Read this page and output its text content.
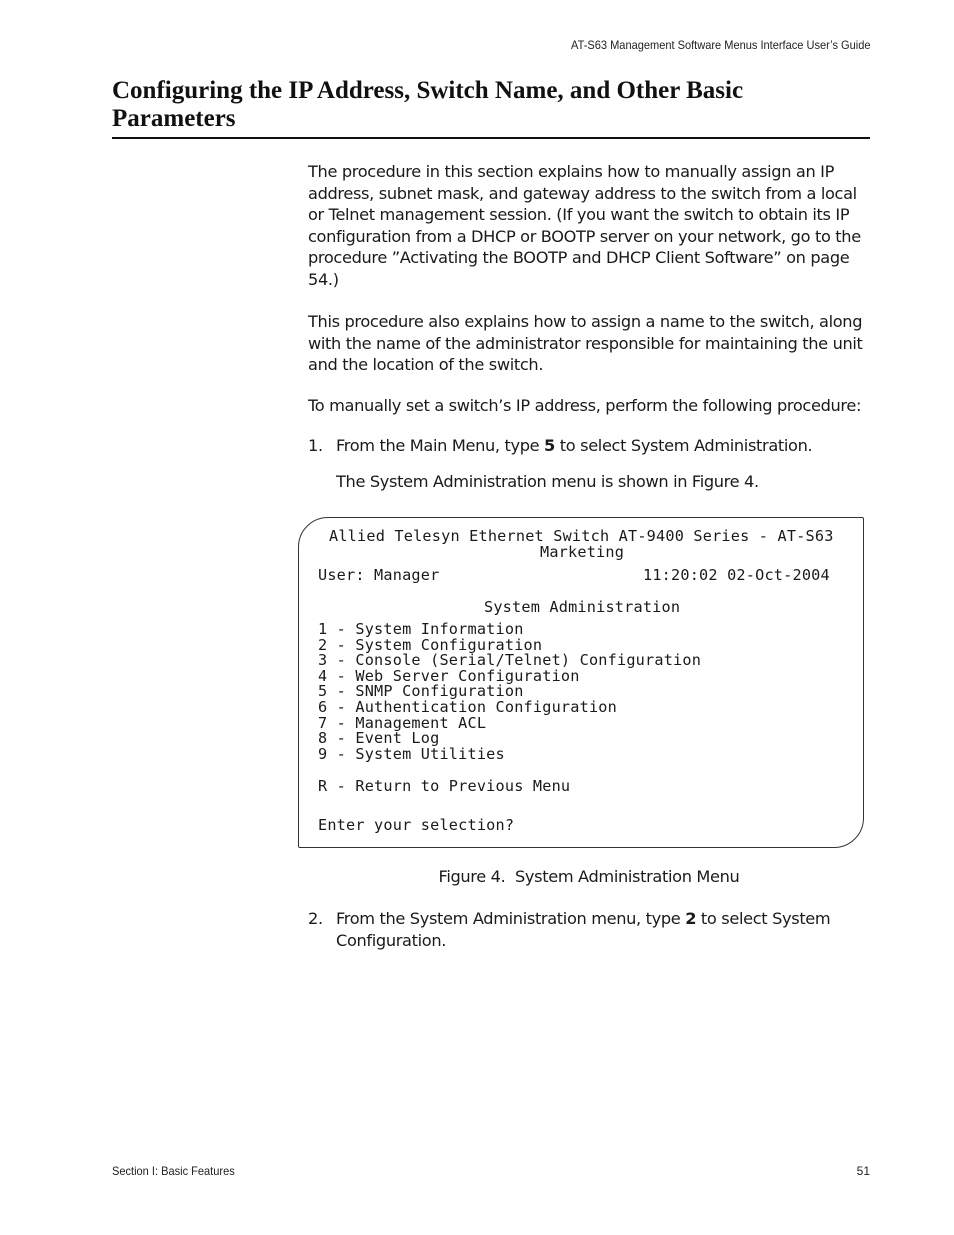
AT-S63 Management Software Menus Interface User’s Guide
Configuring the IP Address, Switch Name, and Other Basic Parameters

The procedure in this section explains how to manually assign an IP address, subnet mask, and gateway address to the switch from a local or Telnet management session. (If you want the switch to obtain its IP configuration from a DHCP or BOOTP server on your network, go to the procedure ”Activating the BOOTP and DHCP Client Software” on page 54.)

This procedure also explains how to assign a name to the switch, along with the name of the administrator responsible for maintaining the unit and the location of the switch.

To manually set a switch’s IP address, perform the following procedure:

1. From the Main Menu, type 5 to select System Administration.
The System Administration menu is shown in Figure 4.
Allied Telesyn Ethernet Switch AT-9400 Series - AT-S63
Marketing
User: Manager	11:20:02 02-Oct-2004
System Administration
1 - System Information
2 - System Configuration
3 - Console (Serial/Telnet) Configuration
4 - Web Server Configuration
5 - SNMP Configuration
6 - Authentication Configuration
7 - Management ACL
8 - Event Log
9 - System Utilities
R - Return to Previous Menu
Enter your selection?
Figure 4.  System Administration Menu
2. From the System Administration menu, type 2 to select System Configuration.
Section I: Basic Features	51
